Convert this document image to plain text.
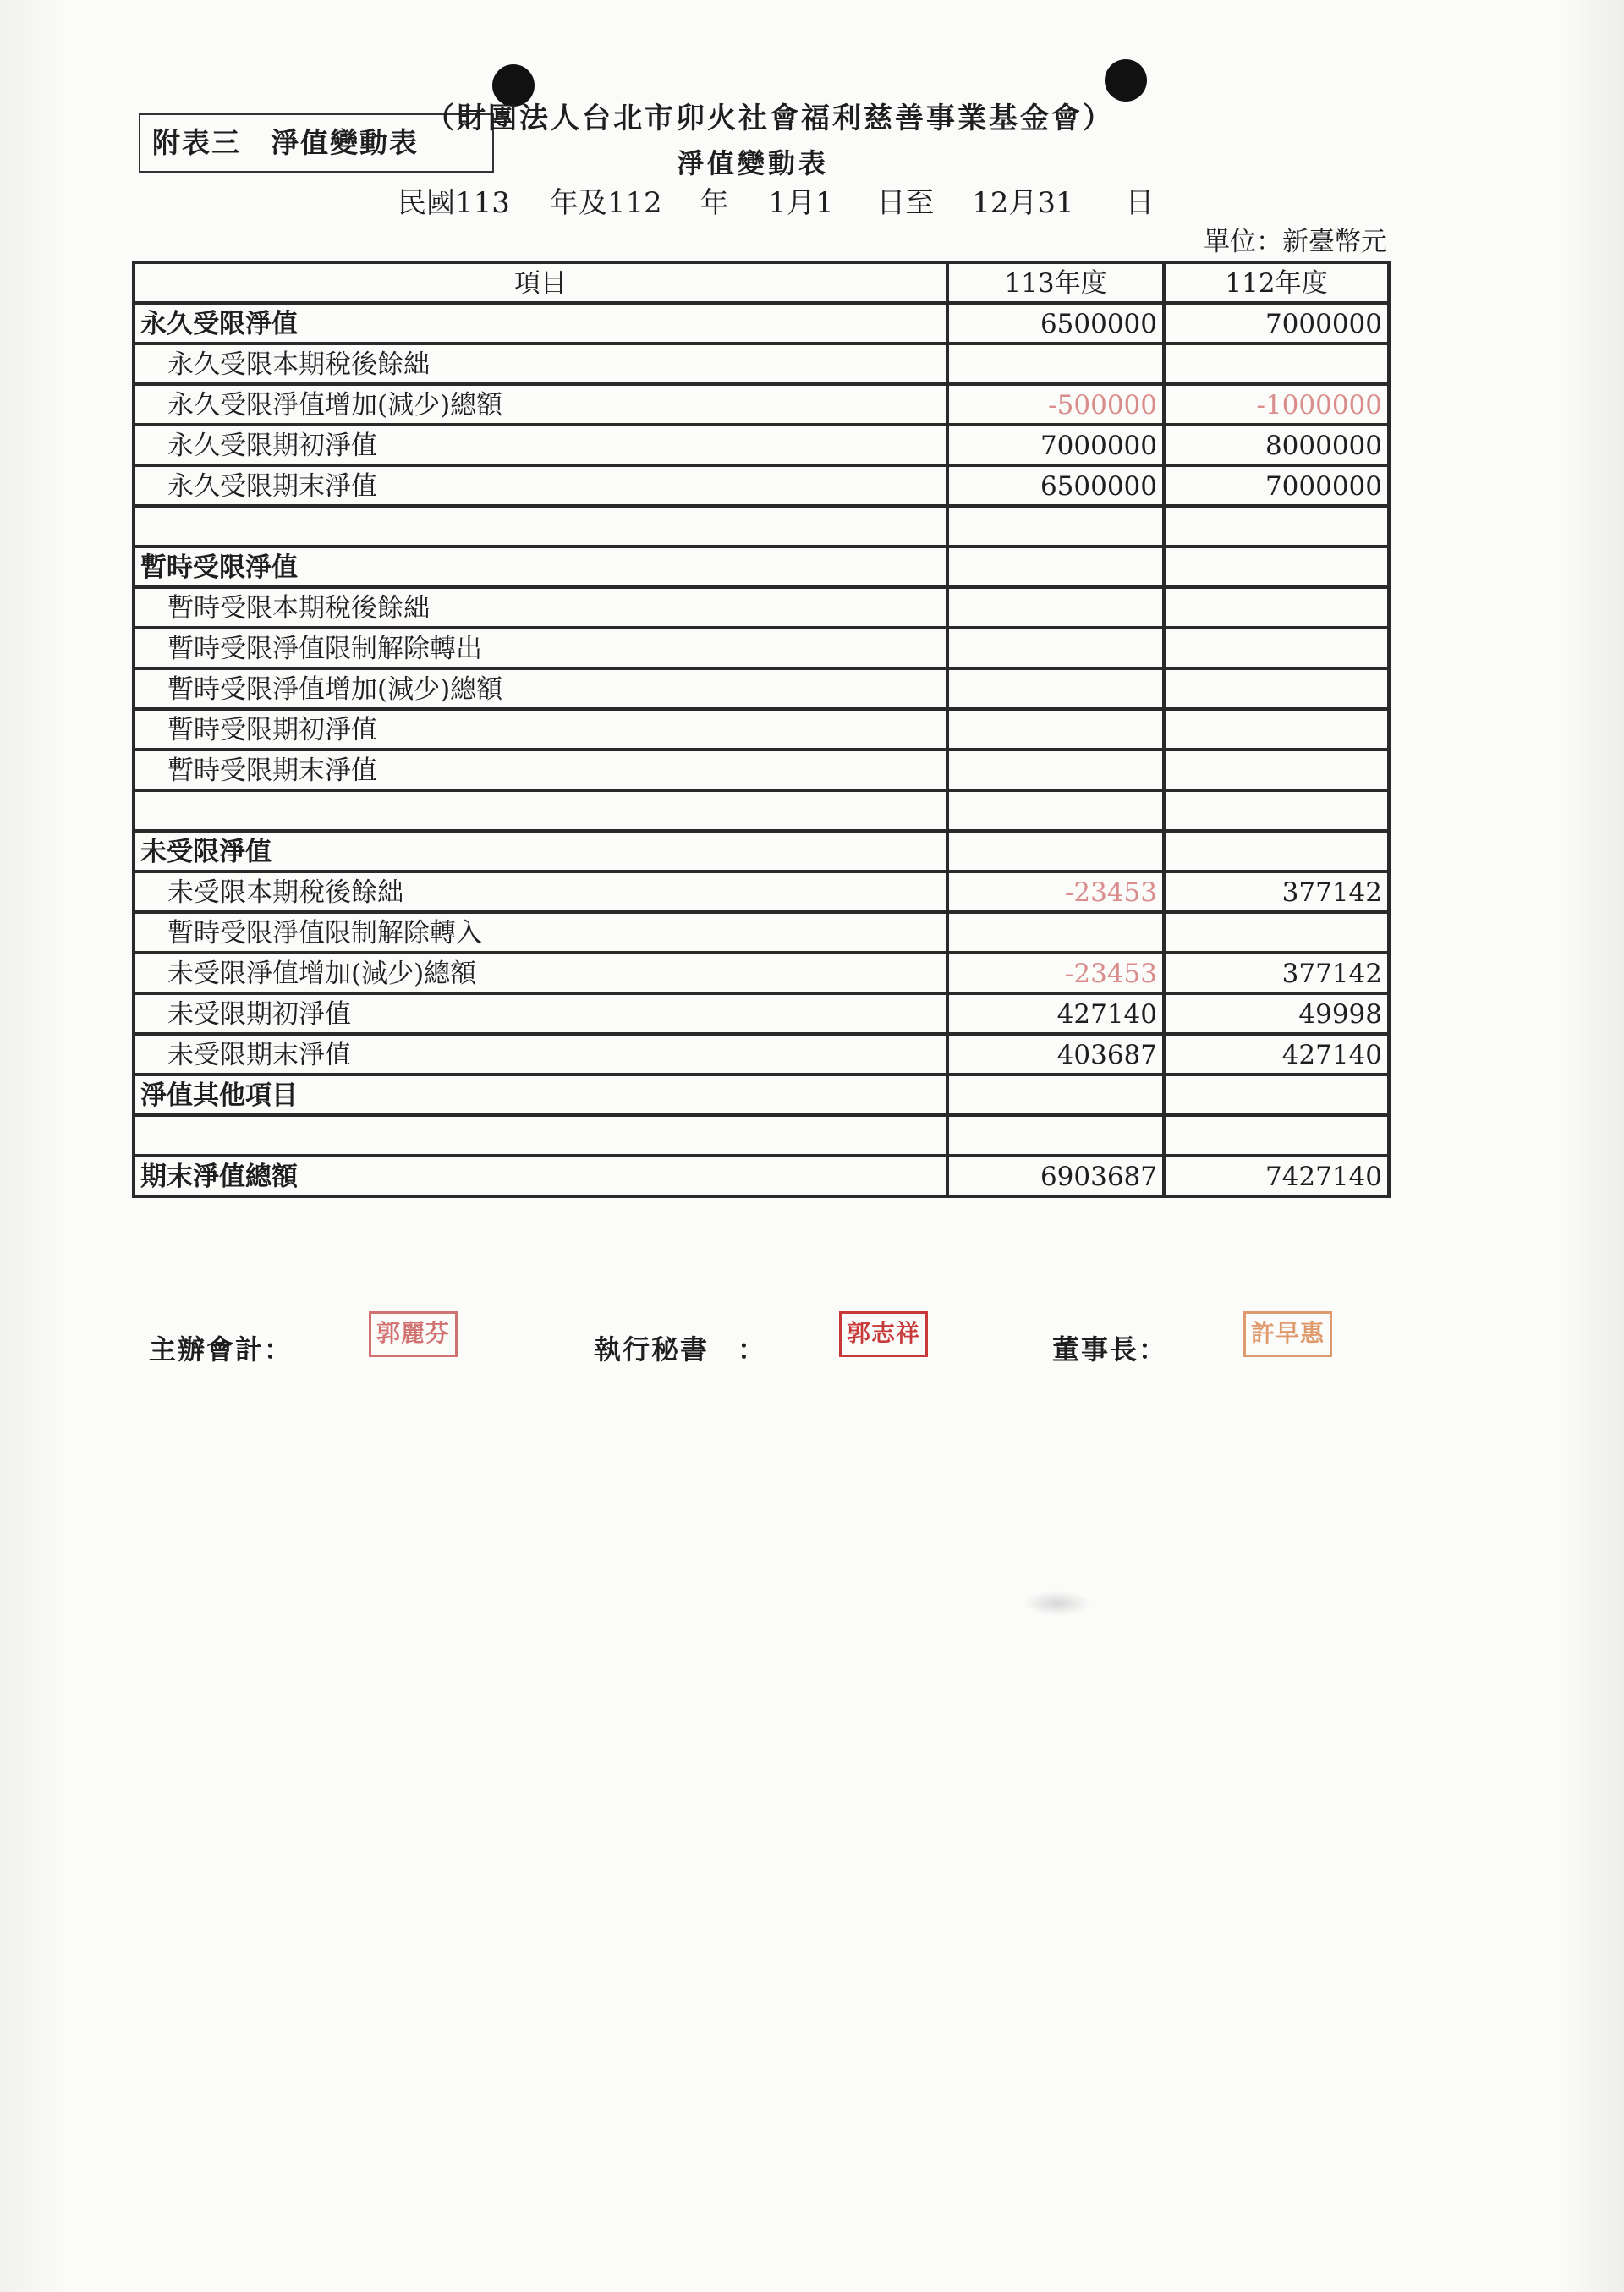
附表三　淨值變動表
（財團法人台北市卯火社會福利慈善事業基金會）
淨值變動表
民國113 年及112 年 1月1 日至 12月31 日
單位：新臺幣元
項目	113年度	112年度
永久受限淨值	6500000	7000000
永久受限本期稅後餘絀		
永久受限淨值增加(減少)總額	-500000	-1000000
永久受限期初淨值	7000000	8000000
永久受限期末淨值	6500000	7000000

暫時受限淨值		
暫時受限本期稅後餘絀		
暫時受限淨值限制解除轉出		
暫時受限淨值增加(減少)總額		
暫時受限期初淨值		
暫時受限期末淨值		

未受限淨值		
未受限本期稅後餘絀	-23453	377142
暫時受限淨值限制解除轉入		
未受限淨值增加(減少)總額	-23453	377142
未受限期初淨值	427140	49998
未受限期末淨值	403687	427140
淨值其他項目		

期末淨值總額	6903687	7427140
主辦會計：
郭麗芬
執行秘書　：
郭志祥
董事長：
許早惠
